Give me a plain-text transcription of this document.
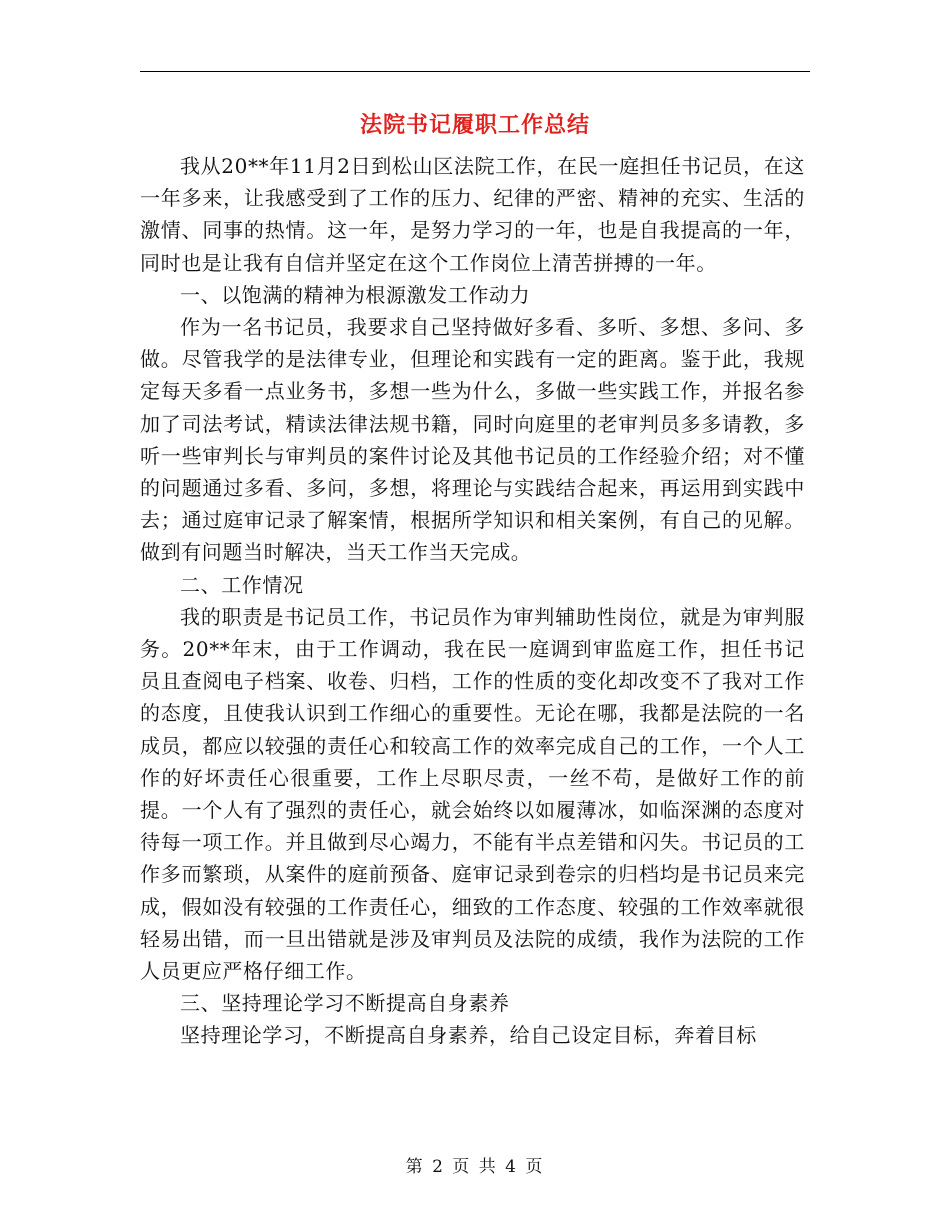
法院书记履职工作总结

我从20**年11月2日到松山区法院工作，在民一庭担任书记员，在这一年多来，让我感受到了工作的压力、纪律的严密、精神的充实、生活的激情、同事的热情。这一年，是努力学习的一年，也是自我提高的一年，同时也是让我有自信并坚定在这个工作岗位上清苦拼搏的一年。

一、以饱满的精神为根源激发工作动力

作为一名书记员，我要求自己坚持做好多看、多听、多想、多问、多做。尽管我学的是法律专业，但理论和实践有一定的距离。鉴于此，我规定每天多看一点业务书，多想一些为什么，多做一些实践工作，并报名参加了司法考试，精读法律法规书籍，同时向庭里的老审判员多多请教，多听一些审判长与审判员的案件讨论及其他书记员的工作经验介绍；对不懂的问题通过多看、多问，多想，将理论与实践结合起来，再运用到实践中去；通过庭审记录了解案情，根据所学知识和相关案例，有自己的见解。做到有问题当时解决，当天工作当天完成。

二、工作情况

我的职责是书记员工作，书记员作为审判辅助性岗位，就是为审判服务。20**年末，由于工作调动，我在民一庭调到审监庭工作，担任书记员且查阅电子档案、收卷、归档，工作的性质的变化却改变不了我对工作的态度，且使我认识到工作细心的重要性。无论在哪，我都是法院的一名成员，都应以较强的责任心和较高工作的效率完成自己的工作，一个人工作的好坏责任心很重要，工作上尽职尽责，一丝不苟，是做好工作的前提。一个人有了强烈的责任心，就会始终以如履薄冰，如临深渊的态度对待每一项工作。并且做到尽心竭力，不能有半点差错和闪失。书记员的工作多而繁琐，从案件的庭前预备、庭审记录到卷宗的归档均是书记员来完成，假如没有较强的工作责任心，细致的工作态度、较强的工作效率就很轻易出错，而一旦出错就是涉及审判员及法院的成绩，我作为法院的工作人员更应严格仔细工作。

三、坚持理论学习不断提高自身素养

坚持理论学习，不断提高自身素养，给自己设定目标，奔着目标

第 2 页 共 4 页
